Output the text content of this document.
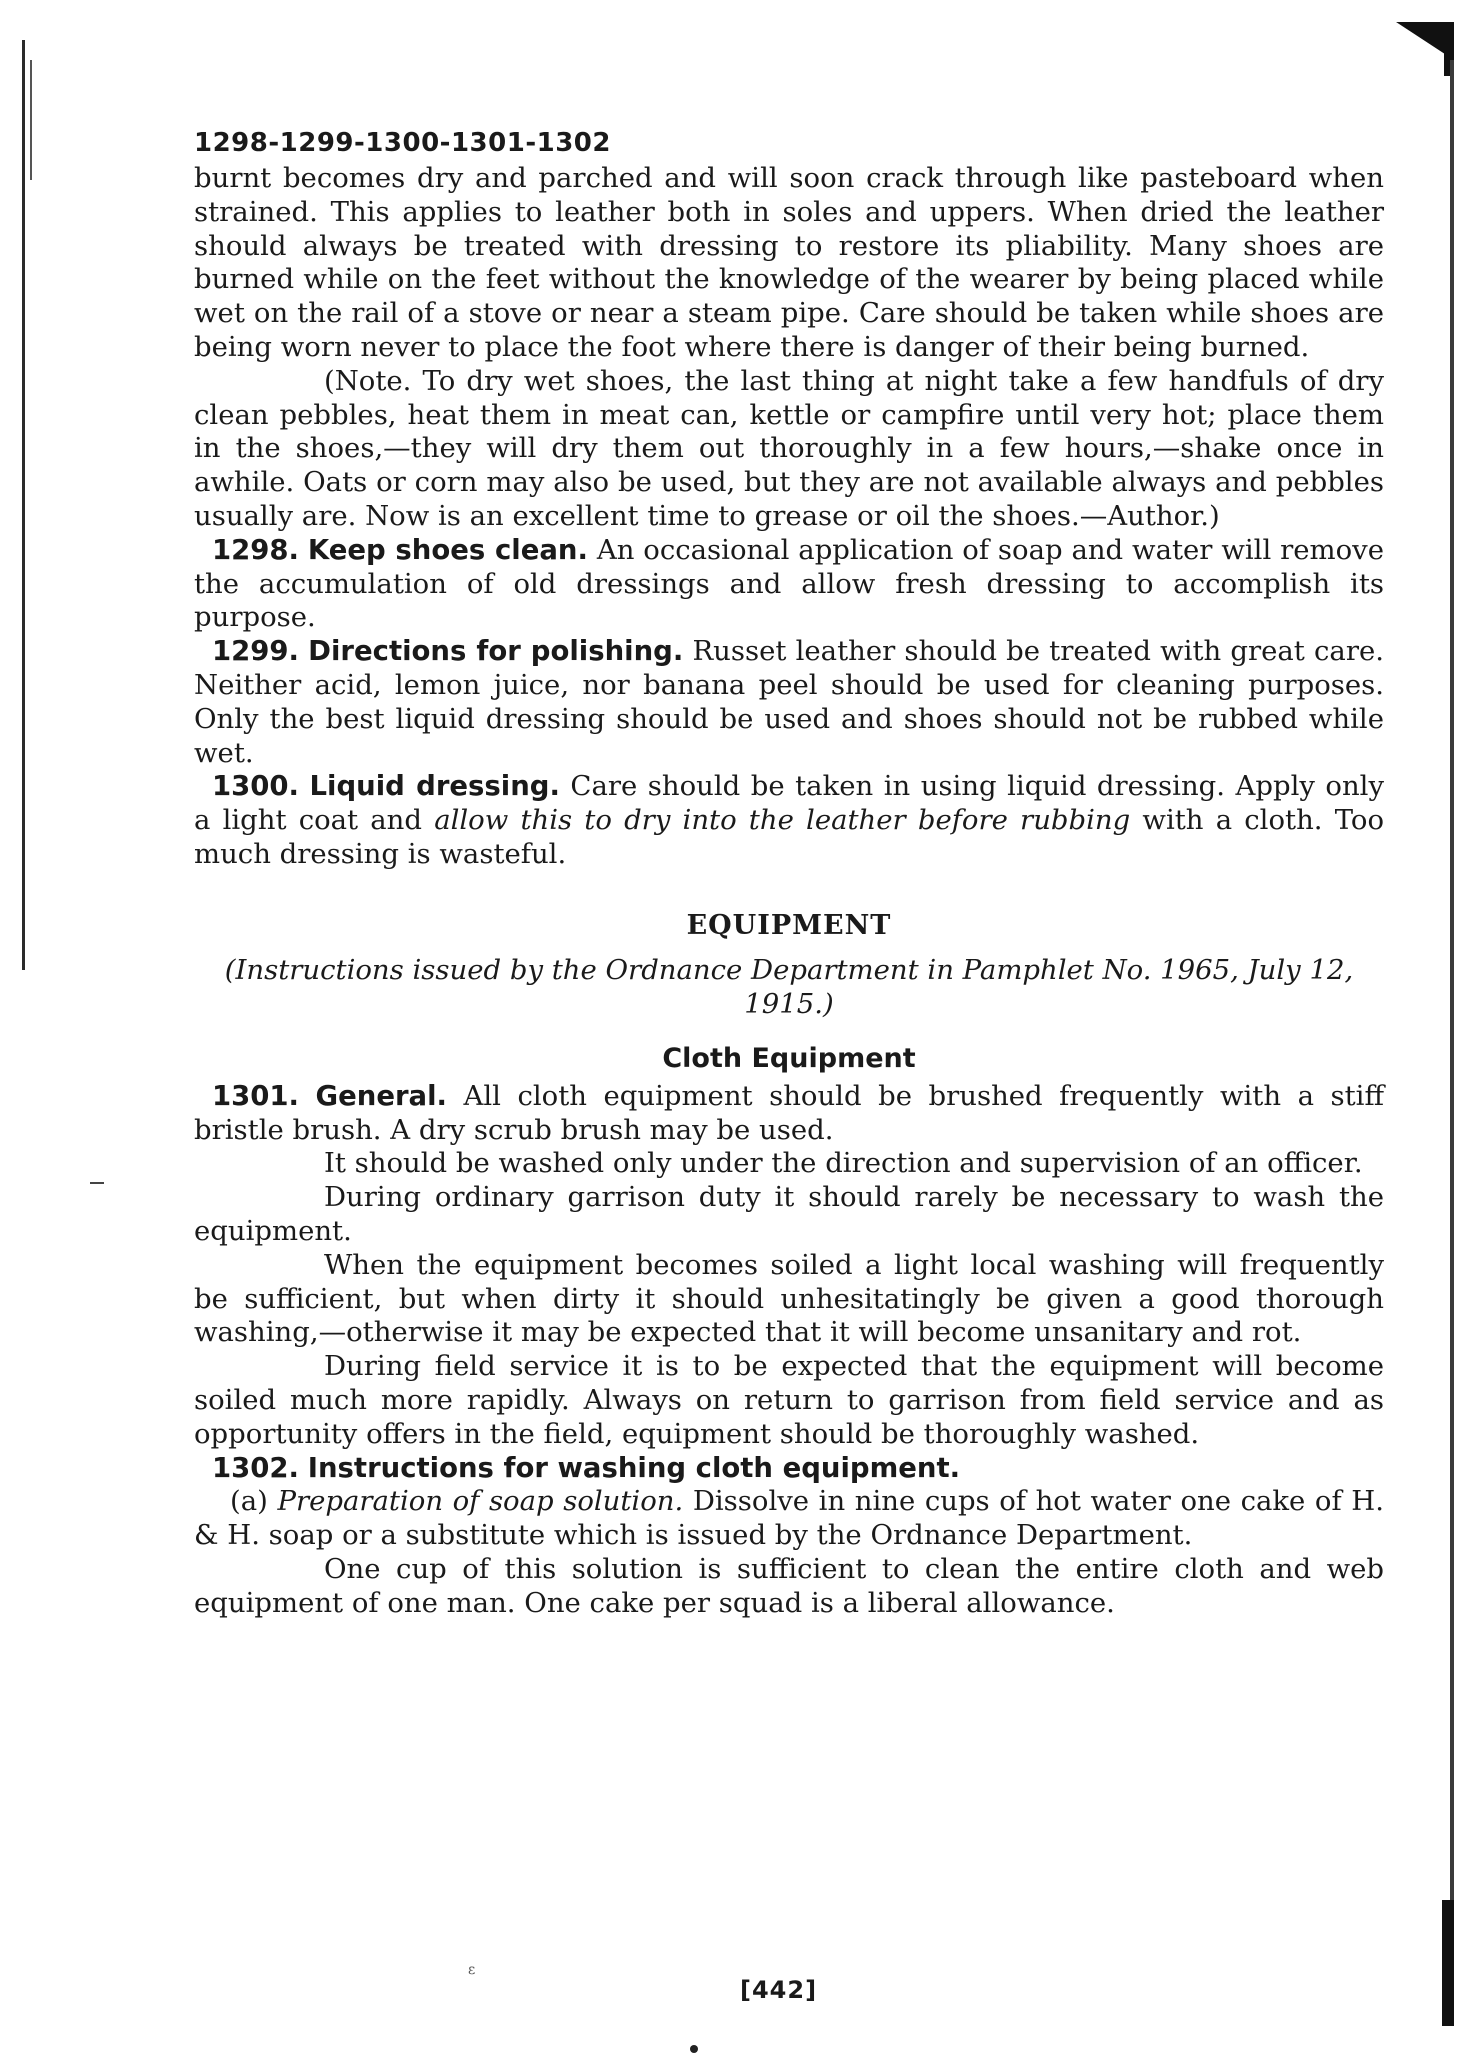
1298-1299-1300-1301-1302

burnt becomes dry and parched and will soon crack through like pasteboard when strained. This applies to leather both in soles and uppers. When dried the leather should always be treated with dressing to restore its pliability. Many shoes are burned while on the feet without the knowledge of the wearer by being placed while wet on the rail of a stove or near a steam pipe. Care should be taken while shoes are being worn never to place the foot where there is danger of their being burned.

(Note. To dry wet shoes, the last thing at night take a few handfuls of dry clean pebbles, heat them in meat can, kettle or campfire until very hot; place them in the shoes,—they will dry them out thoroughly in a few hours,—shake once in awhile. Oats or corn may also be used, but they are not available always and pebbles usually are. Now is an excellent time to grease or oil the shoes.—Author.)

1298. Keep shoes clean. An occasional application of soap and water will remove the accumulation of old dressings and allow fresh dressing to accomplish its purpose.

1299. Directions for polishing. Russet leather should be treated with great care. Neither acid, lemon juice, nor banana peel should be used for cleaning purposes. Only the best liquid dressing should be used and shoes should not be rubbed while wet.

1300. Liquid dressing. Care should be taken in using liquid dressing. Apply only a light coat and allow this to dry into the leather before rubbing with a cloth. Too much dressing is wasteful.

EQUIPMENT
(Instructions issued by the Ordnance Department in Pamphlet No. 1965, July 12, 1915.)
Cloth Equipment

1301. General. All cloth equipment should be brushed frequently with a stiff bristle brush. A dry scrub brush may be used.

It should be washed only under the direction and supervision of an officer.

During ordinary garrison duty it should rarely be necessary to wash the equipment.

When the equipment becomes soiled a light local washing will frequently be sufficient, but when dirty it should unhesitatingly be given a good thorough washing,—otherwise it may be expected that it will become unsanitary and rot.

During field service it is to be expected that the equipment will become soiled much more rapidly. Always on return to garrison from field service and as opportunity offers in the field, equipment should be thoroughly washed.

1302. Instructions for washing cloth equipment.

(a) Preparation of soap solution. Dissolve in nine cups of hot water one cake of H. & H. soap or a substitute which is issued by the Ordnance Department.

One cup of this solution is sufficient to clean the entire cloth and web equipment of one man. One cake per squad is a liberal allowance.

ε
[442]
